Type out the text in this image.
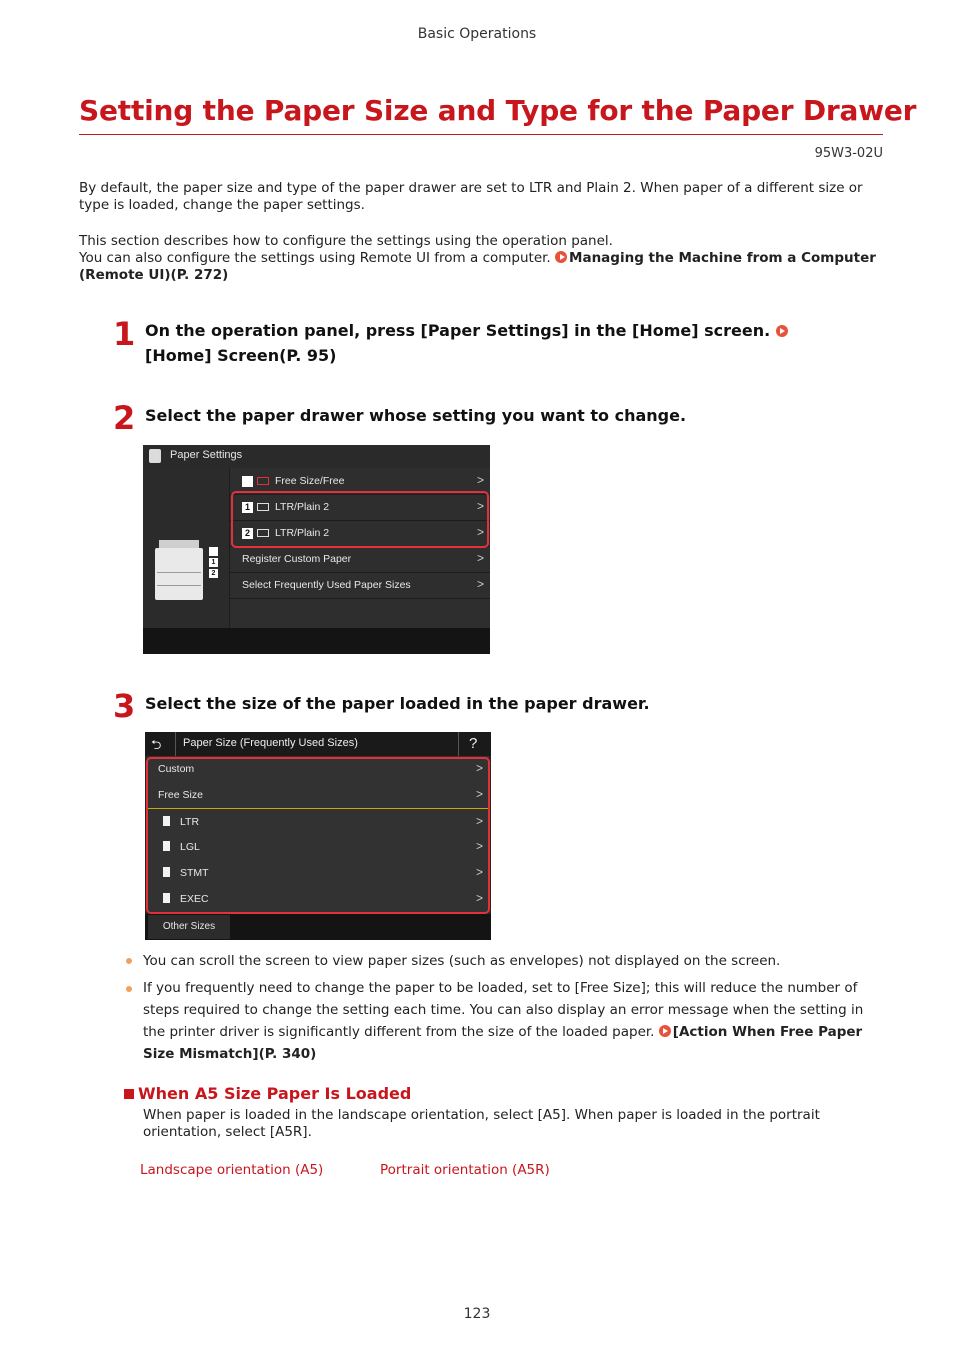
Basic Operations
Setting the Paper Size and Type for the Paper Drawer
95W3-02U
By default, the paper size and type of the paper drawer are set to LTR and Plain 2. When paper of a different size or type is loaded, change the paper settings.
This section describes how to configure the settings using the operation panel.
You can also configure the settings using Remote UI from a computer. Managing the Machine from a Computer (Remote UI)(P. 272)
1 On the operation panel, press [Paper Settings] in the [Home] screen. [Home] Screen(P. 95)
2 Select the paper drawer whose setting you want to change.
Paper Settings
1
2
Free Size/Free	>
1 LTR/Plain 2	>
2 LTR/Plain 2	>
Register Custom Paper	>
Select Frequently Used Paper Sizes	>
3 Select the size of the paper loaded in the paper drawer.
⮌ Paper Size (Frequently Used Sizes)	?
Custom	>
Free Size	>
LTR	>
LGL	>
STMT	>
EXEC	>
Other Sizes
You can scroll the screen to view paper sizes (such as envelopes) not displayed on the screen.
If you frequently need to change the paper to be loaded, set to [Free Size]; this will reduce the number of steps required to change the setting each time. You can also display an error message when the setting in the printer driver is significantly different from the size of the loaded paper. [Action When Free Paper Size Mismatch](P. 340)
When A5 Size Paper Is Loaded
When paper is loaded in the landscape orientation, select [A5]. When paper is loaded in the portrait orientation, select [A5R].
Landscape orientation (A5)	Portrait orientation (A5R)
123
